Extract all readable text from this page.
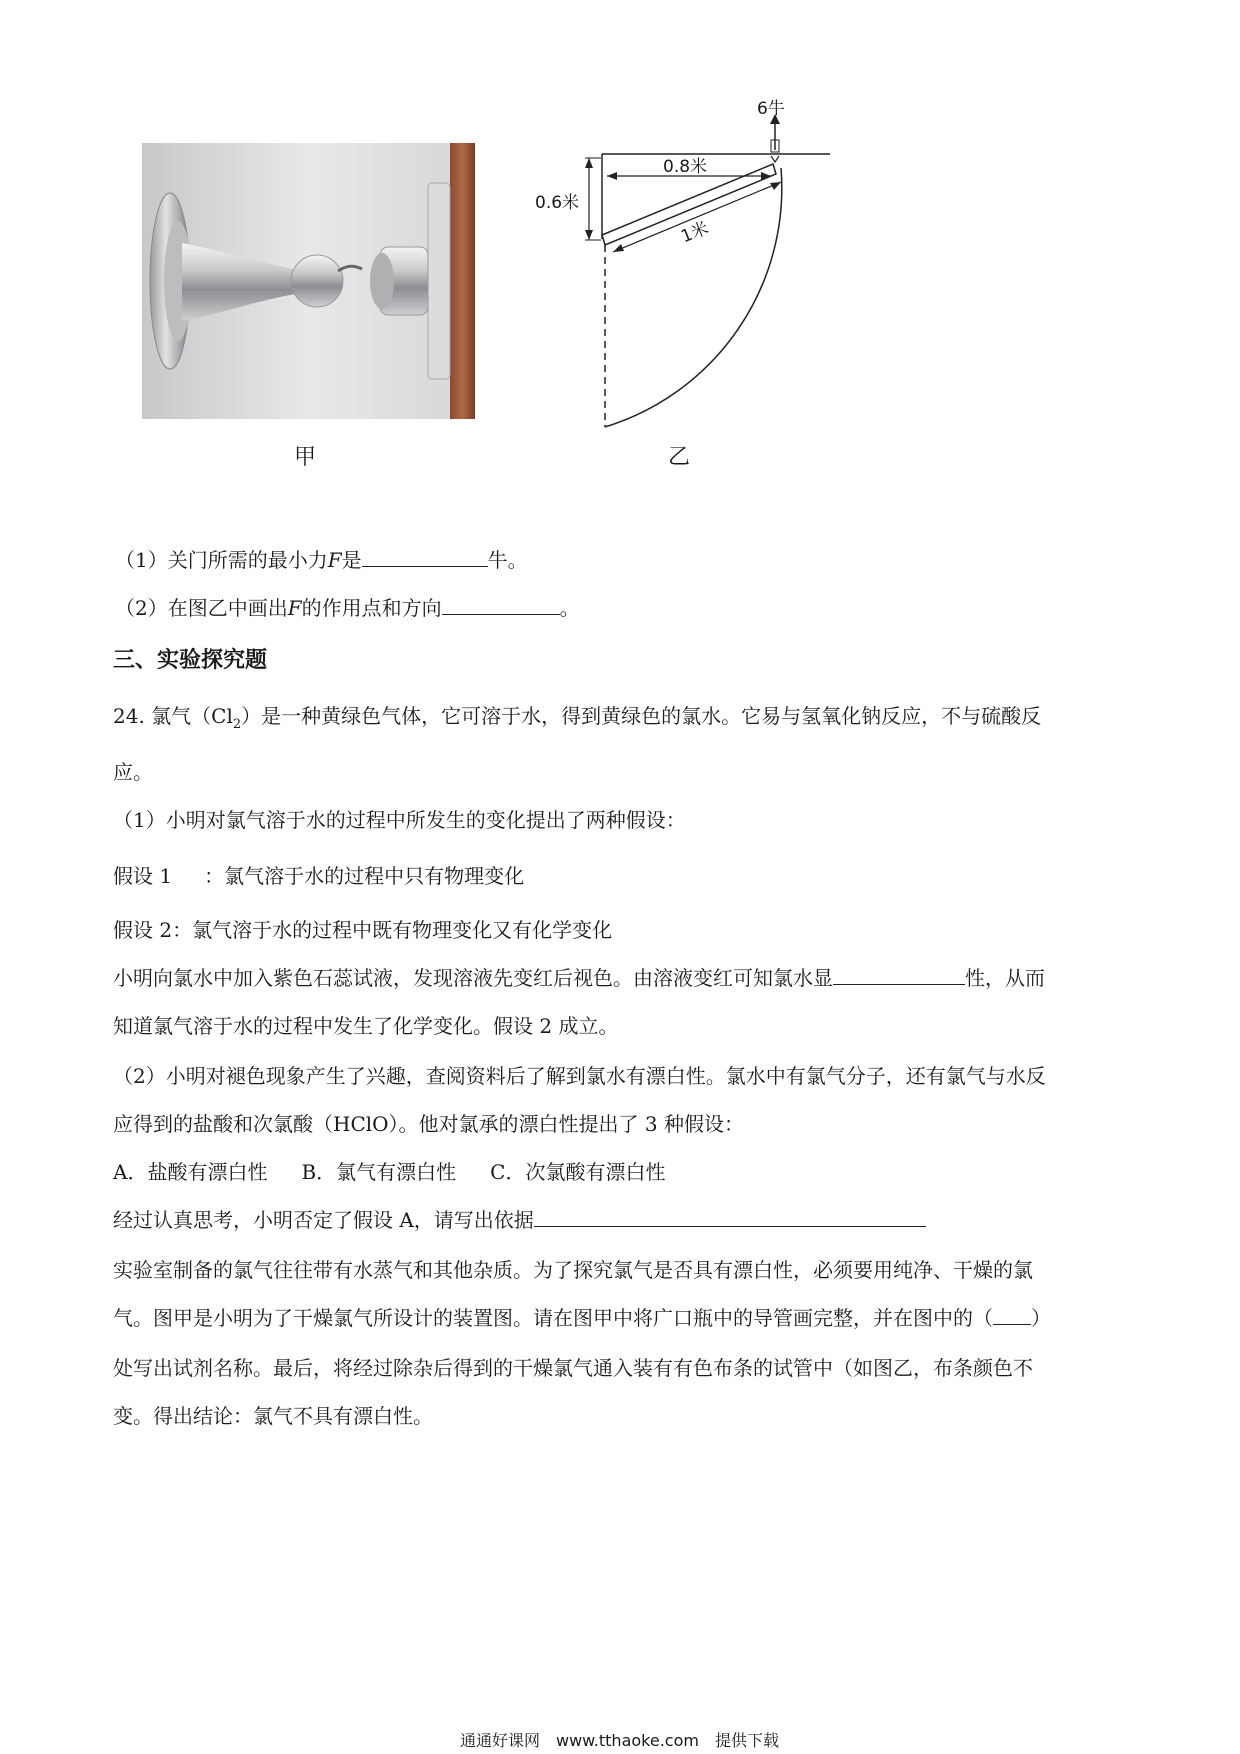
甲
6牛
0.8米
0.6米
1米
乙
（1）关门所需的最小力F是	牛。
（2）在图乙中画出F的作用点和方向	。
三、实验探究题
24. 氯气$(Cl_2)$是一种黄绿色气体，它可溶于水，得到黄绿色的氯水。它易与氢氧化钠反应，不与硫酸反
应。
（1）小明对氯气溶于水的过程中所发生的变化提出了两种假设：
假设 1 ：氯气溶于水的过程中只有物理变化
假设 2：氯气溶于水的过程中既有物理变化又有化学变化
小明向氯水中加入紫色石蕊试液，发现溶液先变红后视色。由溶液变红可知氯水显	性，从而
知道氯气溶于水的过程中发生了化学变化。假设 2 成立。
（2）小明对褪色现象产生了兴趣，查阅资料后了解到氯水有漂白性。氯水中有氯气分子，还有氯气与水反
应得到的盐酸和次氯酸（HClO）。他对氯承的漂白性提出了 3 种假设：
A．盐酸有漂白性 B．氯气有漂白性 C．次氯酸有漂白性
经过认真思考，小明否定了假设 A，请写出依据
实验室制备的氯气往往带有水蒸气和其他杂质。为了探究氯气是否具有漂白性，必须要用纯净、干燥的氯
气。图甲是小明为了干燥氯气所设计的装置图。请在图甲中将广口瓶中的导管画完整，并在图中的（ ）
处写出试剂名称。最后，将经过除杂后得到的干燥氯气通入装有有色布条的试管中（如图乙，布条颜色不
变。得出结论：氯气不具有漂白性。
通通好课网　www.tthaoke.com　提供下载
